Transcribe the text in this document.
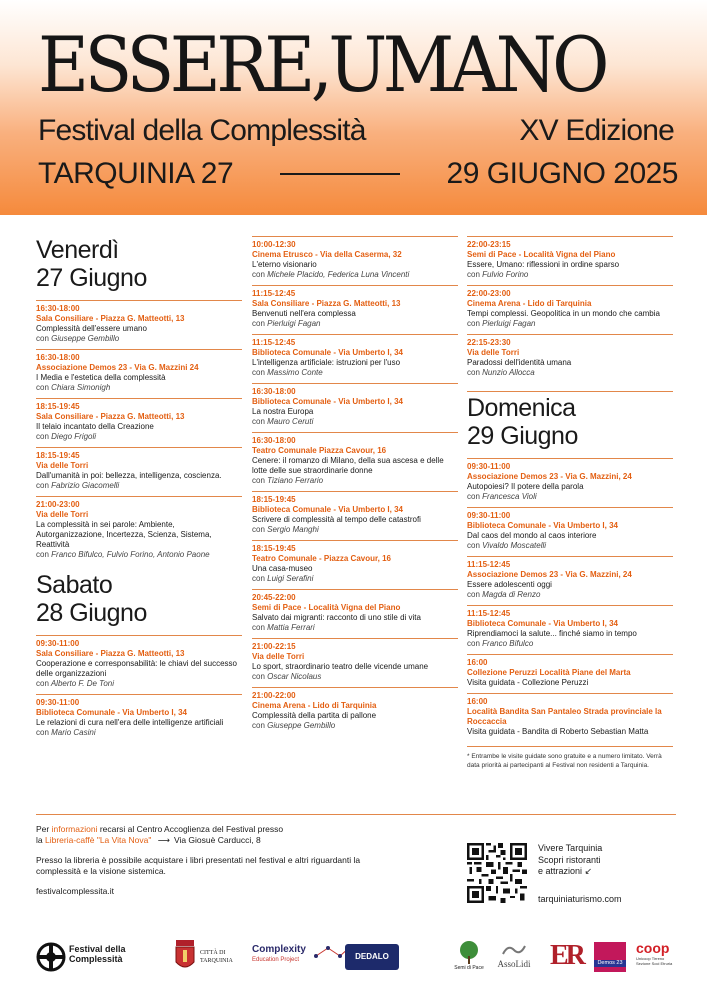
ESSERE,UMANO
Festival della Complessità	XV Edizione
TARQUINIA 27	29 GIUGNO 2025
Venerdì
27 Giugno
16:30-18:00
Sala Consiliare - Piazza G. Matteotti, 13
Complessità dell'essere umano
con Giuseppe Gembillo
16:30-18:00
Associazione Demos 23 - Via G. Mazzini 24
I Media e l'estetica della complessità
con Chiara Simonigh
18:15-19:45
Sala Consiliare - Piazza G. Matteotti, 13
Il telaio incantato della Creazione
con Diego Frigoli
18:15-19:45
Via delle Torri
Dall'umanità in poi: bellezza, intelligenza, coscienza.
con Fabrizio Giacomelli
21:00-23:00
Via delle Torri
La complessità in sei parole: Ambiente, Autorganizzazione, Incertezza, Scienza, Sistema, Reattività
con Franco Bifulco, Fulvio Forino, Antonio Paone
Sabato
28 Giugno
09:30-11:00
Sala Consiliare - Piazza G. Matteotti, 13
Cooperazione e corresponsabilità: le chiavi del successo delle organizzazioni
con Alberto F. De Toni
09:30-11:00
Biblioteca Comunale - Via Umberto I, 34
Le relazioni di cura nell'era delle intelligenze artificiali
con Mario Casini
10:00-12:30
Cinema Etrusco - Via della Caserma, 32
L'eterno visionario
con Michele Placido, Federica Luna Vincenti
11:15-12:45
Sala Consiliare - Piazza G. Matteotti, 13
Benvenuti nell'era complessa
con Pierluigi Fagan
11:15-12:45
Biblioteca Comunale - Via Umberto I, 34
L'intelligenza artificiale: istruzioni per l'uso
con Massimo Conte
16:30-18:00
Biblioteca Comunale - Via Umberto I, 34
La nostra Europa
con Mauro Ceruti
16:30-18:00
Teatro Comunale Piazza Cavour, 16
Cenere: il romanzo di Milano, della sua ascesa e delle lotte delle sue straordinarie donne
con Tiziano Ferrario
18:15-19:45
Biblioteca Comunale - Via Umberto I, 34
Scrivere di complessità al tempo delle catastrofi
con Sergio Manghi
18:15-19:45
Teatro Comunale - Piazza Cavour, 16
Una casa-museo
con Luigi Serafini
20:45-22:00
Semi di Pace - Località Vigna del Piano
Salvato dai migranti: racconto di uno stile di vita
con Mattia Ferrari
21:00-22:15
Via delle Torri
Lo sport, straordinario teatro delle vicende umane
con Oscar Nicolaus
21:00-22:00
Cinema Arena - Lido di Tarquinia
Complessità della partita di pallone
con Giuseppe Gembillo
22:00-23:15
Semi di Pace - Località Vigna del Piano
Essere, Umano: riflessioni in ordine sparso
con Fulvio Forino
22:00-23:00
Cinema Arena - Lido di Tarquinia
Tempi complessi. Geopolitica in un mondo che cambia
con Pierluigi Fagan
22:15-23:30
Via delle Torri
Paradossi dell'identità umana
con Nunzio Allocca
Domenica
29 Giugno
09:30-11:00
Associazione Demos 23 - Via G. Mazzini, 24
Autopoiesi? Il potere della parola
con Francesca Violi
09:30-11:00
Biblioteca Comunale - Via Umberto I, 34
Dal caos del mondo al caos interiore
con Vivaldo Moscatelli
11:15-12:45
Associazione Demos 23 - Via G. Mazzini, 24
Essere adolescenti oggi
con Magda di Renzo
11:15-12:45
Biblioteca Comunale - Via Umberto I, 34
Riprendiamoci la salute... finché siamo in tempo
con Franco Bifulco
16:00
Collezione Peruzzi Località Piane del Marta
Visita guidata - Collezione Peruzzi
16:00
Località Bandita San Pantaleo Strada provinciale la Roccaccia
Visita guidata - Bandita di Roberto Sebastian Matta
* Entrambe le visite guidate sono gratuite e a numero limitato. Verrà data priorità ai partecipanti al Festival non residenti a Tarquinia.

Per informazioni recarsi al Centro Accoglienza del Festival presso
la Libreria-caffè "La Vita Nova" ⟶ Via Giosuè Carducci, 8

Presso la libreria è possibile acquistare i libri presentati nel festival e altri riguardanti la complessità e la visione sistemica.

festivalcomplessita.it

Vivere Tarquinia
Scopri ristoranti
e attrazioni ↙
tarquiniaturismo.com
Festival della Complessità
CITTÀ DI TARQUINIA
Complexity
Education Project	DEDALO
Semi di Pace	AssoLidi ER	Demos 23
coop
Unicoop Tirreno Sezione Soci Etruria
